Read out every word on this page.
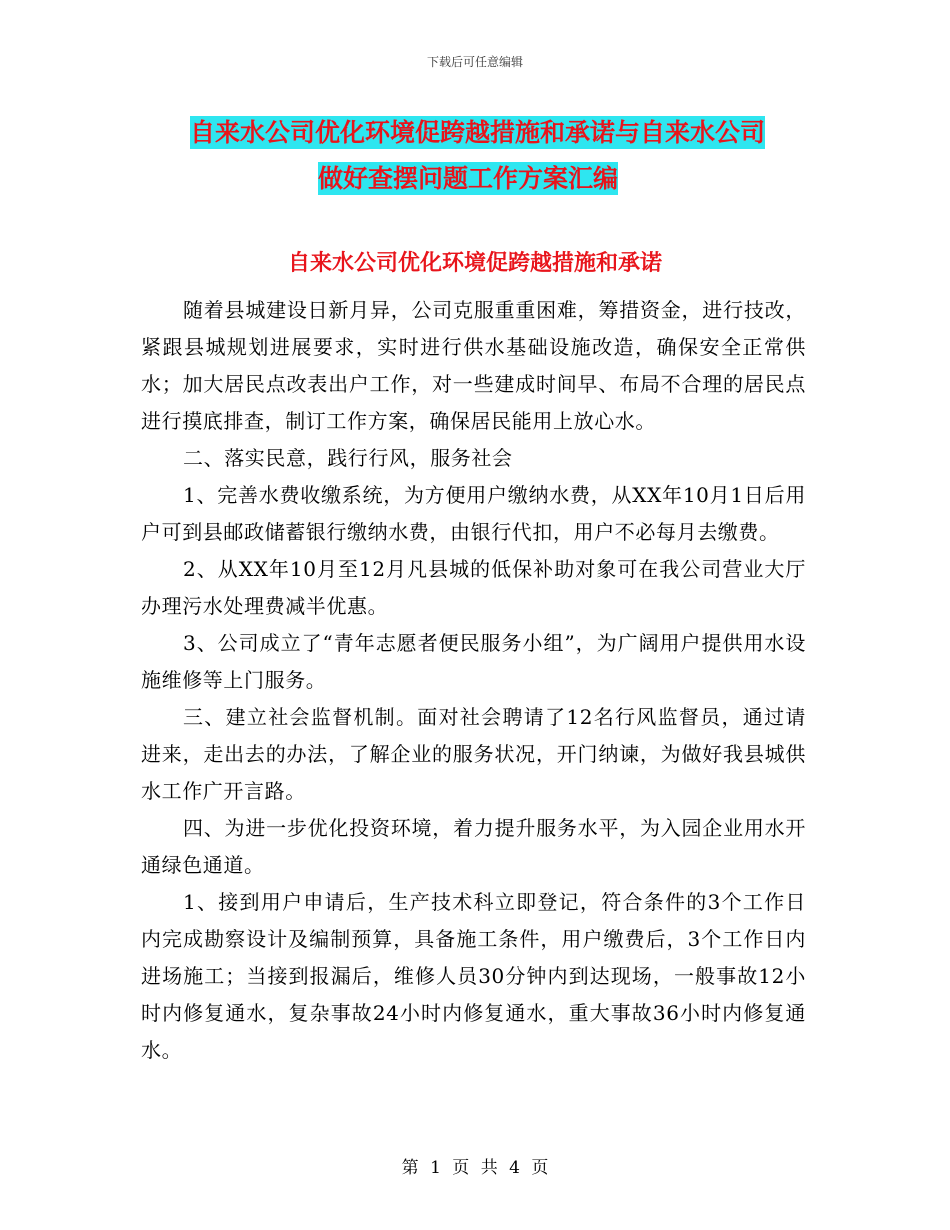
下载后可任意编辑
自来水公司优化环境促跨越措施和承诺与自来水公司
做好查摆问题工作方案汇编
自来水公司优化环境促跨越措施和承诺

随着县城建设日新月异，公司克服重重困难，筹措资金，进行技改，紧跟县城规划进展要求，实时进行供水基础设施改造，确保安全正常供水；加大居民点改表出户工作，对一些建成时间早、布局不合理的居民点进行摸底排查，制订工作方案，确保居民能用上放心水。

二、落实民意，践行行风，服务社会

1、完善水费收缴系统，为方便用户缴纳水费，从XX年10月1日后用户可到县邮政储蓄银行缴纳水费，由银行代扣，用户不必每月去缴费。

2、从XX年10月至12月凡县城的低保补助对象可在我公司营业大厅办理污水处理费减半优惠。

3、公司成立了“青年志愿者便民服务小组”，为广阔用户提供用水设施维修等上门服务。

三、建立社会监督机制。面对社会聘请了12名行风监督员，通过请进来，走出去的办法，了解企业的服务状况，开门纳谏，为做好我县城供水工作广开言路。

四、为进一步优化投资环境，着力提升服务水平，为入园企业用水开通绿色通道。

1、接到用户申请后，生产技术科立即登记，符合条件的3个工作日内完成勘察设计及编制预算，具备施工条件，用户缴费后，3个工作日内进场施工；当接到报漏后，维修人员30分钟内到达现场，一般事故12小时内修复通水，复杂事故24小时内修复通水，重大事故36小时内修复通水。

第 1 页 共 4 页
